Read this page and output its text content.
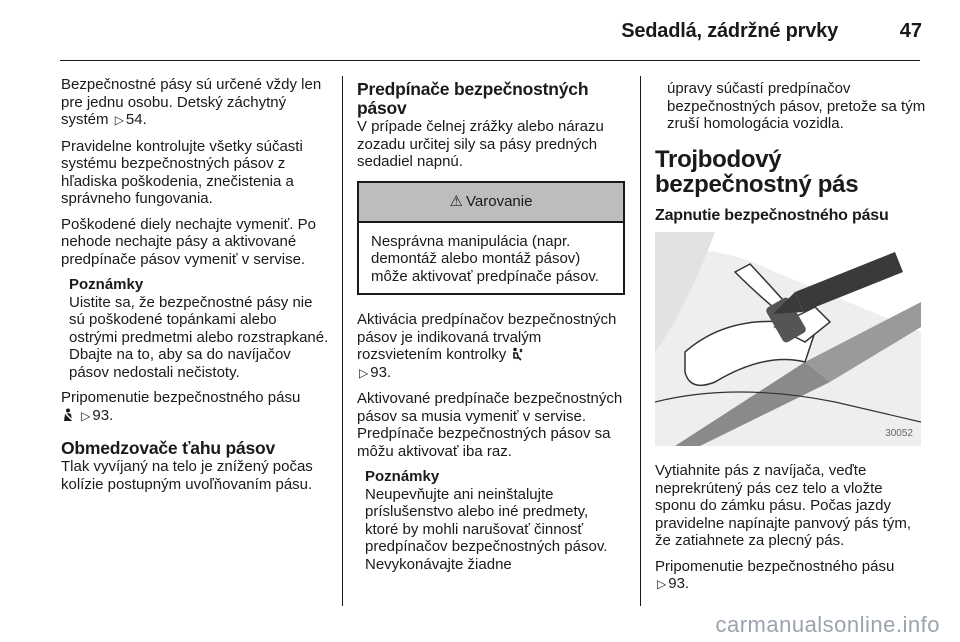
Sedadlá, zádržné prvky	47

Bezpečnostné pásy sú určené vždy len pre jednu osobu. Detský záchytný systém ▷ 54.

Pravidelne kontrolujte všetky súčasti systému bezpečnostných pásov z hľadiska poškodenia, znečistenia a správneho fungovania.

Poškodené diely nechajte vymeniť. Po nehode nechajte pásy a aktivované predpínače pásov vymeniť v servise.

Poznámky
Uistite sa, že bezpečnostné pásy nie sú poškodené topánkami alebo ostrými predmetmi alebo rozstrapkané. Dbajte na to, aby sa do navíjačov pásov nedostali nečistoty.

Pripomenutie bezpečnostného pásu
▷ 93.

Obmedzovače ťahu pásov

Tlak vyvíjaný na telo je znížený počas kolízie postupným uvoľňovaním pásu.

Predpínače bezpečnostných pásov

V prípade čelnej zrážky alebo nárazu zozadu určitej sily sa pásy predných sedadiel napnú.

⚠ Varovanie
Nesprávna manipulácia (napr. demontáž alebo montáž pásov) môže aktivovať predpínače pásov.

Aktivácia predpínačov bezpečnostných pásov je indikovaná trvalým rozsvietením kontrolky
▷ 93.

Aktivované predpínače bezpečnostných pásov sa musia vymeniť v servise. Predpínače bezpečnostných pásov sa môžu aktivovať iba raz.

Poznámky
Neupevňujte ani neinštalujte príslušenstvo alebo iné predmety, ktoré by mohli narušovať činnosť predpínačov bezpečnostných pásov. Nevykonávajte žiadne

úpravy súčastí predpínačov bezpečnostných pásov, pretože sa tým zruší homologácia vozidla.

Trojbodový bezpečnostný pás
Zapnutie bezpečnostného pásu
30052

Vytiahnite pás z navíjača, veďte neprekrútený pás cez telo a vložte sponu do zámku pásu. Počas jazdy pravidelne napínajte panvový pás tým, že zatiahnete za plecný pás.

Pripomenutie bezpečnostného pásu
▷ 93.

carmanualsonline.info
